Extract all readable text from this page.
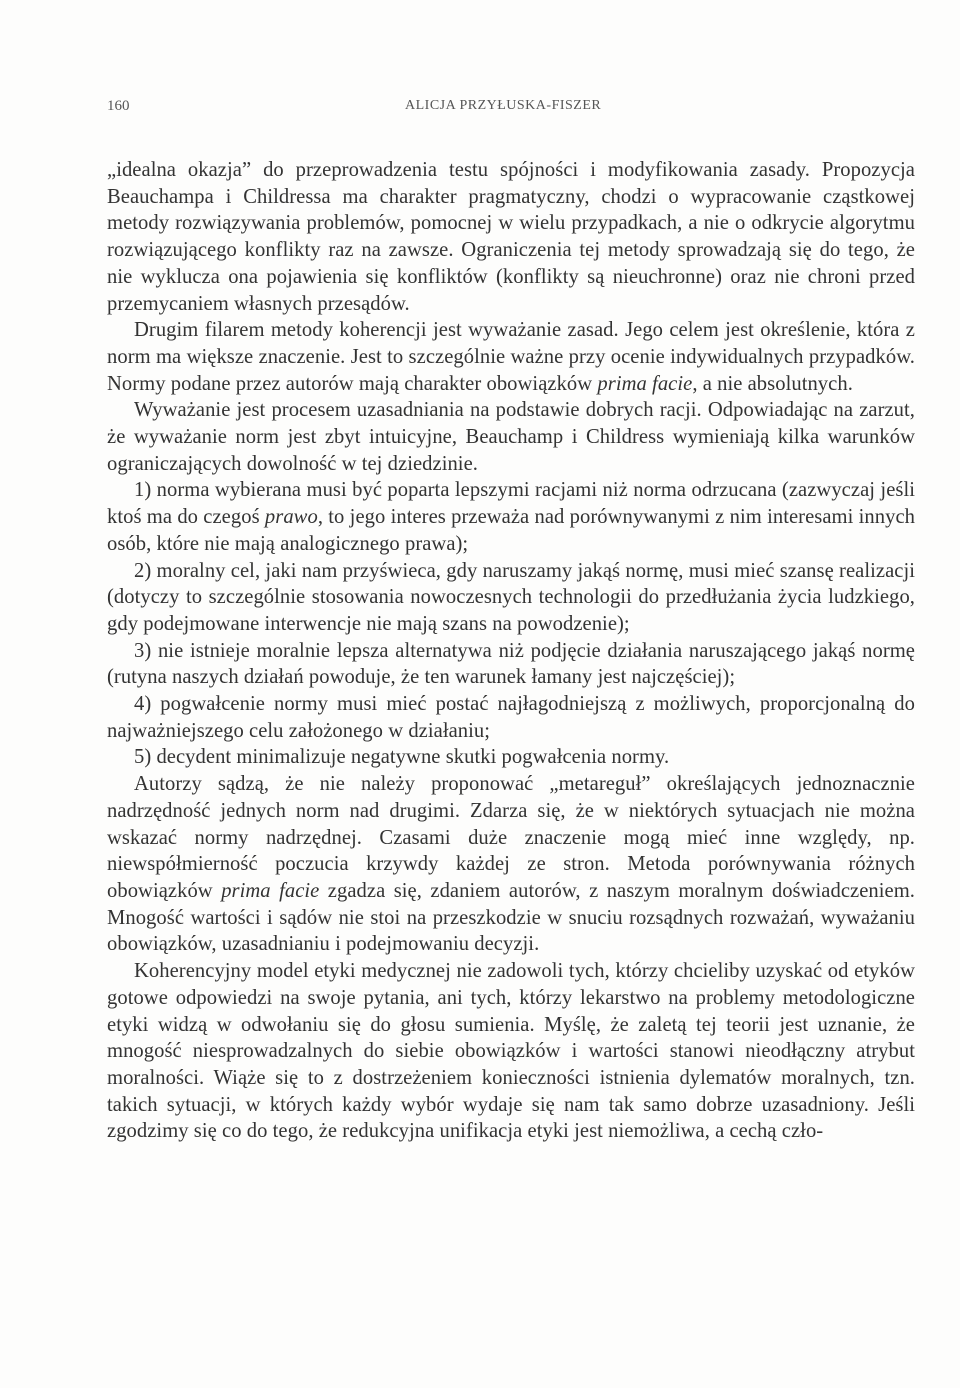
160	ALICJA PRZYŁUSKA-FISZER

„idealna okazja” do przeprowadzenia testu spójności i modyfikowania zasady. Propozycja Beauchampa i Childressa ma charakter pragmatyczny, chodzi o wypracowanie cząstkowej metody rozwiązywania problemów, pomocnej w wielu przypadkach, a nie o odkrycie algorytmu rozwiązującego konflikty raz na zawsze. Ograniczenia tej metody sprowadzają się do tego, że nie wyklucza ona pojawienia się konfliktów (konflikty są nieuchronne) oraz nie chroni przed przemycaniem własnych przesądów.

Drugim filarem metody koherencji jest wyważanie zasad. Jego celem jest określenie, która z norm ma większe znaczenie. Jest to szczególnie ważne przy ocenie indywidualnych przypadków. Normy podane przez autorów mają charakter obowiązków prima facie, a nie absolutnych.

Wyważanie jest procesem uzasadniania na podstawie dobrych racji. Odpowiadając na zarzut, że wyważanie norm jest zbyt intuicyjne, Beauchamp i Childress wymieniają kilka warunków ograniczających dowolność w tej dziedzinie.

1) norma wybierana musi być poparta lepszymi racjami niż norma odrzucana (zazwyczaj jeśli ktoś ma do czegoś prawo, to jego interes przeważa nad porównywanymi z nim interesami innych osób, które nie mają analogicznego prawa);

2) moralny cel, jaki nam przyświeca, gdy naruszamy jakąś normę, musi mieć szansę realizacji (dotyczy to szczególnie stosowania nowoczesnych technologii do przedłużania życia ludzkiego, gdy podejmowane interwencje nie mają szans na powodzenie);

3) nie istnieje moralnie lepsza alternatywa niż podjęcie działania naruszającego jakąś normę (rutyna naszych działań powoduje, że ten warunek łamany jest najczęściej);

4) pogwałcenie normy musi mieć postać najłagodniejszą z możliwych, proporcjonalną do najważniejszego celu założonego w działaniu;

5) decydent minimalizuje negatywne skutki pogwałcenia normy.

Autorzy sądzą, że nie należy proponować „metareguł” określających jednoznacznie nadrzędność jednych norm nad drugimi. Zdarza się, że w niektórych sytuacjach nie można wskazać normy nadrzędnej. Czasami duże znaczenie mogą mieć inne względy, np. niewspółmierność poczucia krzywdy każdej ze stron. Metoda porównywania różnych obowiązków prima facie zgadza się, zdaniem autorów, z naszym moralnym doświadczeniem. Mnogość wartości i sądów nie stoi na przeszkodzie w snuciu rozsądnych rozważań, wyważaniu obowiązków, uzasadnianiu i podejmowaniu decyzji.

Koherencyjny model etyki medycznej nie zadowoli tych, którzy chcieliby uzyskać od etyków gotowe odpowiedzi na swoje pytania, ani tych, którzy lekarstwo na problemy metodologiczne etyki widzą w odwołaniu się do głosu sumienia. Myślę, że zaletą tej teorii jest uznanie, że mnogość niesprowadzalnych do siebie obowiązków i wartości stanowi nieodłączny atrybut moralności. Wiąże się to z dostrzeżeniem konieczności istnienia dylematów moralnych, tzn. takich sytuacji, w których każdy wybór wydaje się nam tak samo dobrze uzasadniony. Jeśli zgodzimy się co do tego, że redukcyjna unifikacja etyki jest niemożliwa, a cechą czło-
